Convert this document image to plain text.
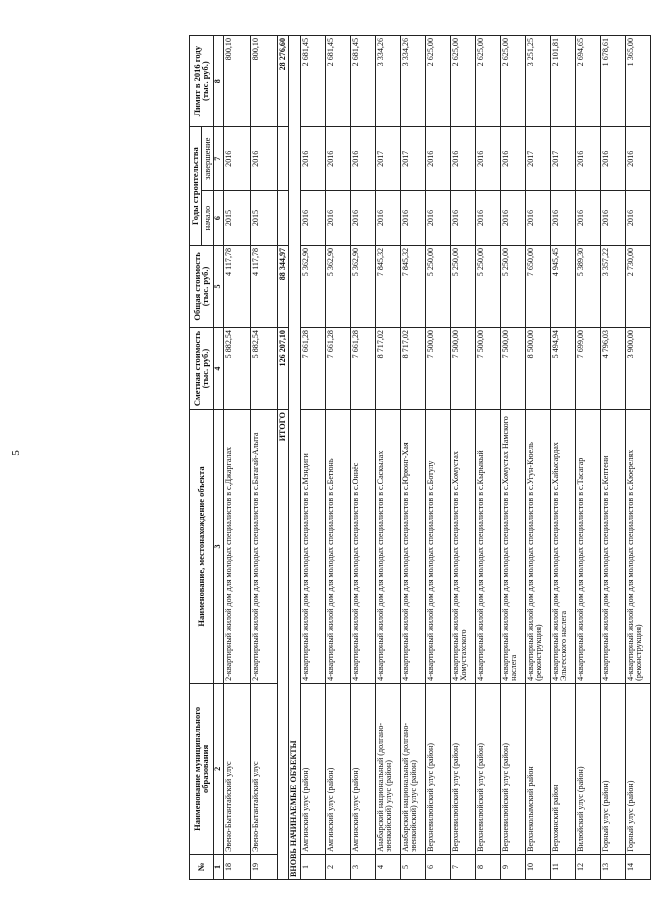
5
№	Наименование муниципального образования	Наименование, местонахождение объекта	Сметная стоимость (тыс. руб.)	Общая стоимость (тыс. руб.)	Годы строительства		Лимит в 2016 году (тыс. руб.)
					начало	завершение	
1	2	3	4	5	6	7	8
18	Эвено-Бытантайский улус	2-квартирный жилой дом для молодых специалистов в с.Джаргалах	5 882,54	4 117,78	2015	2016	800,10
19	Эвено-Бытантайский улус	2-квартирный жилой дом для молодых специалистов в с.Батагай-Алыта	5 882,54	4 117,78	2015	2016	800,10
ИТОГО			126 207,10	88 344,97			28 276,60
ВНОВЬ НАЧИНАЕМЫЕ ОБЪЕКТЫ							
1	Амгинский улус (район)	4-квартирный жилой дом для молодых специалистов в с.Мэндиги	7 661,28	5 362,90	2016	2016	2 681,45
2	Амгинский улус (район)	4-квартирный жилой дом для молодых специалистов в с.Бетюнь	7 661,28	5 362,90	2016	2016	2 681,45
3	Амгинский улус (район)	4-квартирный жилой дом для молодых специалистов в с.Оннёс	7 661,28	5 362,90	2016	2016	2 681,45
4	Анабарский национальный (долгано-эвенкийский) улус (район)	4-квартирный жилой дом для молодых специалистов в с.Саскылах	8 717,02	7 845,32	2016	2017	3 334,26
5	Анабарский национальный (долгано-эвенкийский) улус (район)	4-квартирный жилой дом для молодых специалистов в с.Юрюнг-Хая	8 717,02	7 845,32	2016	2017	3 334,26
6	Верхневилюйский улус (район)	4-квартирный жилой дом для молодых специалистов в с.Ботулу	7 500,00	5 250,00	2016	2016	2 625,00
7	Верхневилюйский улус (район)	4-квартирный жилой дом для молодых специалистов в с.Хомустах Хомустахского	7 500,00	5 250,00	2016	2016	2 625,00
8	Верхневилюйский улус (район)	4-квартирный жилой дом для молодых специалистов в с.Кырыкый	7 500,00	5 250,00	2016	2016	2 625,00
9	Верхневилюйский улус (район)	4-квартирный жилой дом для молодых специалистов в с.Хомустах Намского наслега	7 500,00	5 250,00	2016	2016	2 625,00
10	Верхнеколымский район	4-квартирный жилой дом для молодых специалистов в с.Угун-Кюель (реконструкция)	8 500,00	7 650,00	2016	2017	3 251,25
11	Верхоянский район	4-квартирный жилой дом для молодых специалистов в с.Хайысардах Эльгесского наслега	5 494,94	4 945,45	2016	2017	2 101,81
12	Вилюйский улус (район)	4-квартирный жилой дом для молодых специалистов в с.Тасагар	7 699,00	5 389,30	2016	2016	2 694,65
13	Горный улус (район)	4-квартирный жилой дом для молодых специалистов в с.Кептени	4 796,03	3 357,22	2016	2016	1 678,61
14	Горный улус (район)	4-квартирный жилой дом для молодых специалистов в с.Кюерелях (реконструкция)	3 900,00	2 730,00	2016	2016	1 365,00
